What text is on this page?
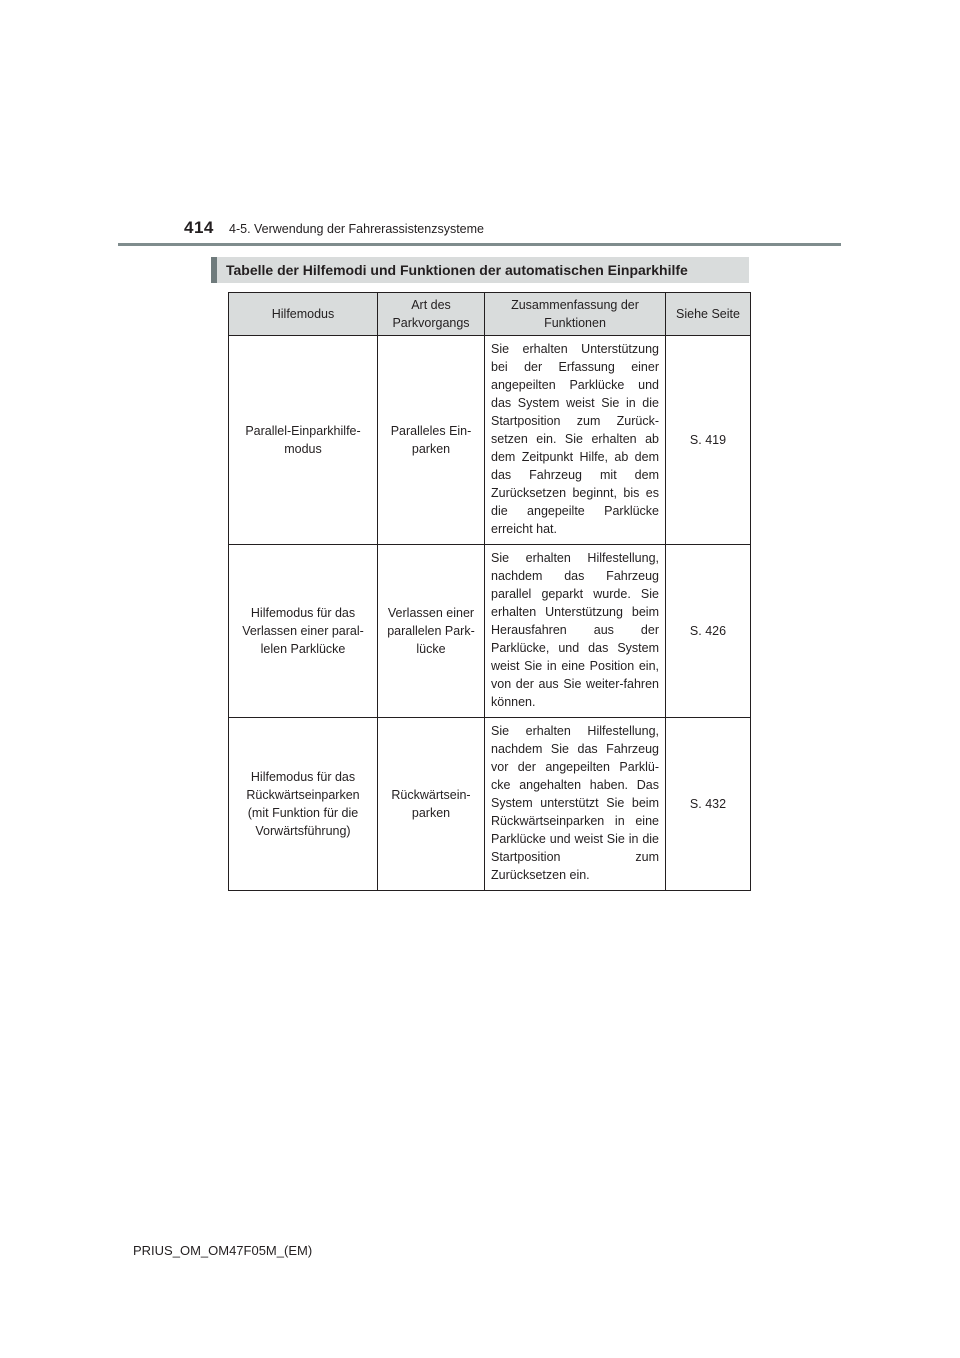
414 4-5. Verwendung der Fahrerassistenzsysteme
Tabelle der Hilfemodi und Funktionen der automatischen Einparkhilfe
Hilfemodus	Art des Parkvorgangs	Zusammenfassung der Funktionen	Siehe Seite
Parallel-Einparkhilfe-modus	Paralleles Ein-parken	Sie erhalten Unterstützung bei der Erfassung einer angepeilten Parklücke und das System weist Sie in die Startposition zum Zurück-setzen ein. Sie erhalten ab dem Zeitpunkt Hilfe, ab dem das Fahrzeug mit dem Zurücksetzen beginnt, bis es die angepeilte Parklücke erreicht hat.	S. 419
Hilfemodus für das Verlassen einer paral-lelen Parklücke	Verlassen einer parallelen Park-lücke	Sie erhalten Hilfestellung, nachdem das Fahrzeug parallel geparkt wurde. Sie erhalten Unterstützung beim Herausfahren aus der Parklücke, und das System weist Sie in eine Position ein, von der aus Sie weiter-fahren können.	S. 426
Hilfemodus für das Rückwärtseinparken (mit Funktion für die Vorwärtsführung)	Rückwärtsein-parken	Sie erhalten Hilfestellung, nachdem Sie das Fahrzeug vor der angepeilten Parklü-cke angehalten haben. Das System unterstützt Sie beim Rückwärtseinparken in eine Parklücke und weist Sie in die Startposition zum Zurücksetzen ein.	S. 432
PRIUS_OM_OM47F05M_(EM)
